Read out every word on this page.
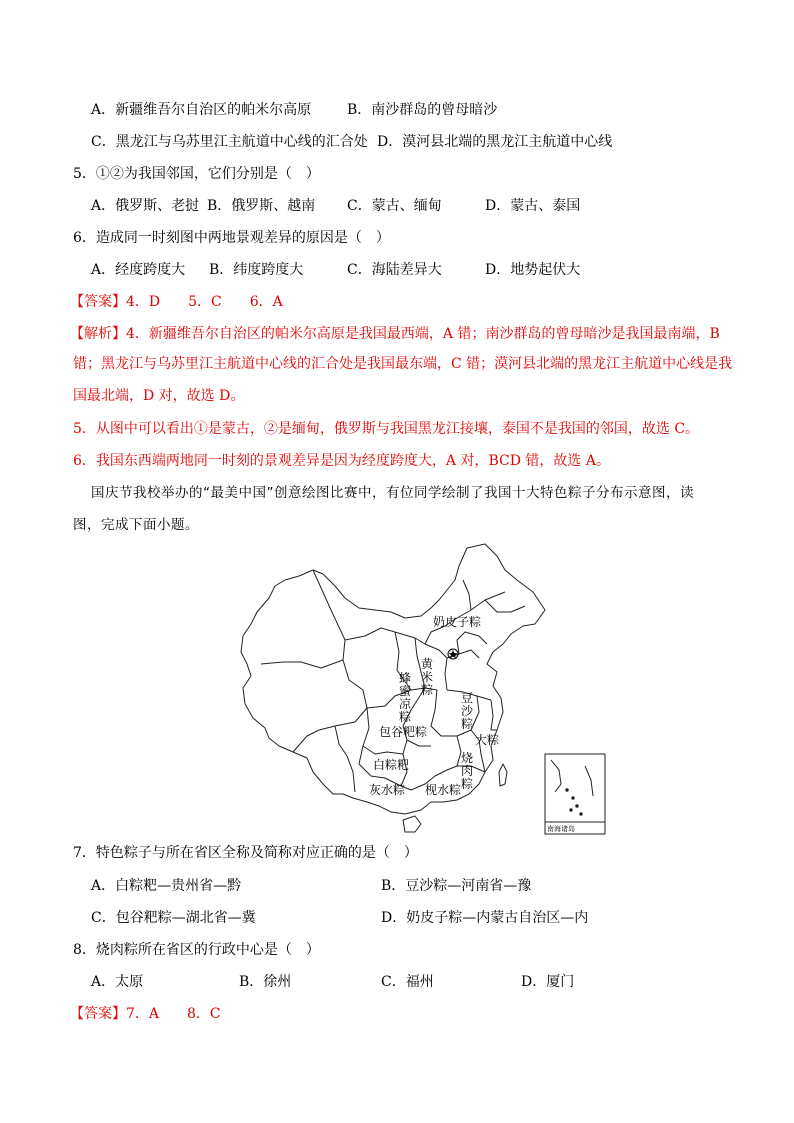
A．新疆维吾尔自治区的帕米尔高原	B．南沙群岛的曾母暗沙
C．黑龙江与乌苏里江主航道中心线的汇合处 D．漠河县北端的黑龙江主航道中心线
5．①②为我国邻国，它们分别是（　）
A．俄罗斯、老挝 B．俄罗斯、越南 C．蒙古、缅甸	D．蒙古、泰国
6．造成同一时刻图中两地景观差异的原因是（　）
A．经度跨度大 B．纬度跨度大	C．海陆差异大	D．地势起伏大
【答案】4．D　　5．C　　6．A
【解析】4．新疆维吾尔自治区的帕米尔高原是我国最西端，A 错；南沙群岛的曾母暗沙是我国最南端，B
错；黑龙江与乌苏里江主航道中心线的汇合处是我国最东端，C 错；漠河县北端的黑龙江主航道中心线是我
国最北端，D 对，故选 D。
5．从图中可以看出①是蒙古，②是缅甸，俄罗斯与我国黑龙江接壤，泰国不是我国的邻国，故选 C。
6．我国东西端两地同一时刻的景观差异是因为经度跨度大，A 对，BCD 错，故选 A。
国庆节我校举办的“最美中国”创意绘图比赛中，有位同学绘制了我国十大特色粽子分布示意图，读
图，完成下面小题。
奶皮子粽
南海诸岛
白粽粑
包谷粑粽
灰水粽 枧水粽
大粽
黄米粽
蜂蜜凉粽
豆沙粽
烧肉粽
7．特色粽子与所在省区全称及简称对应正确的是（　）
A．白粽粑—贵州省—黔	B．豆沙粽—河南省—豫
C．包谷粑粽—湖北省—冀	D．奶皮子粽—内蒙古自治区—内
8．烧肉粽所在省区的行政中心是（　）
A．太原	B．徐州	C．福州	D．厦门
【答案】7．A　　8．C
